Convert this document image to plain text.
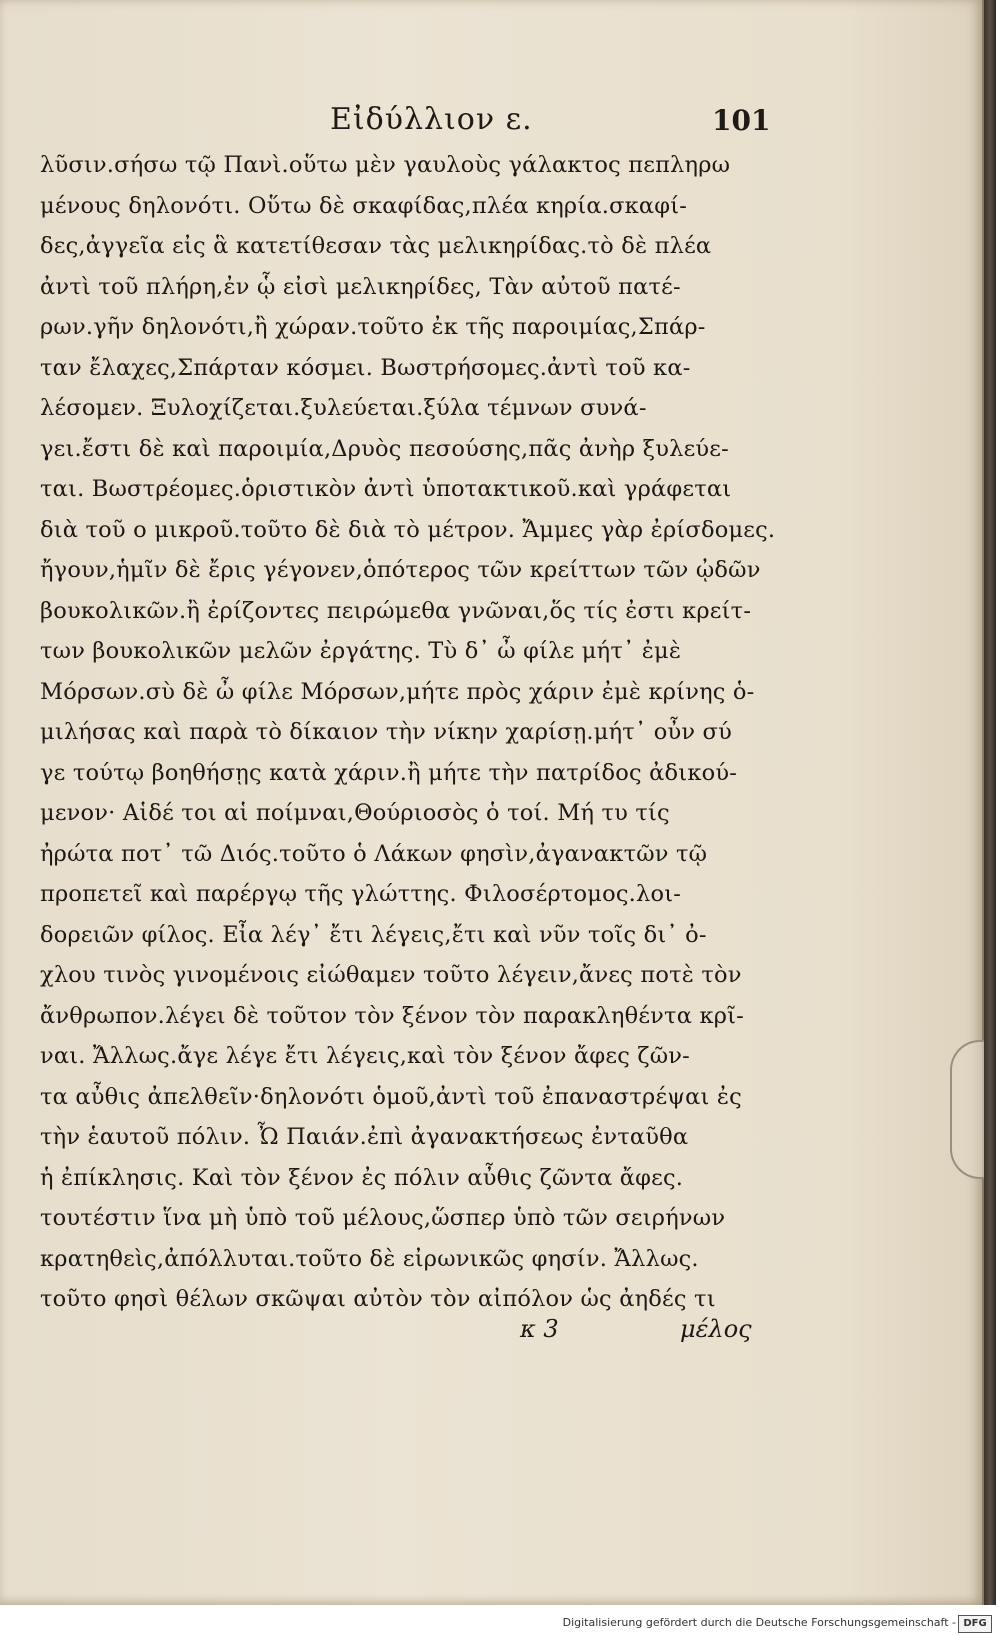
Εἰδύλλιον ε.	101
λῦσιν.σήσω τῷ Πανὶ.οὕτω μὲν γαυλοὺς γάλακτος πεπληρω
μένους δηλονότι. Οὕτω δὲ σκαφίδας,πλέα κηρία.σκαφί-
δες,ἀγγεῖα εἰς ἃ κατετίθεσαν τὰς μελικηρίδας.τὸ δὲ πλέα
ἀντὶ τοῦ πλήρη,ἐν ᾧ εἰσὶ μελικηρίδες, Τὰν αὐτοῦ πατέ-
ρων.γῆν δηλονότι,ἢ χώραν.τοῦτο ἐκ τῆς παροιμίας,Σπάρ-
ταν ἔλαχες,Σπάρταν κόσμει. Βωστρήσομες.ἀντὶ τοῦ κα-
λέσομεν. Ξυλοχίζεται.ξυλεύεται.ξύλα τέμνων συνά-
γει.ἔστι δὲ καὶ παροιμία,Δρυὸς πεσούσης,πᾶς ἀνὴρ ξυλεύε-
ται. Βωστρέομες.ὁριστικὸν ἀντὶ ὑποτακτικοῦ.καὶ γράφεται
διὰ τοῦ ο μικροῦ.τοῦτο δὲ διὰ τὸ μέτρον. Ἄμμες γὰρ ἐρίσδομες.
ἤγουν,ἡμῖν δὲ ἔρις γέγονεν,ὁπότερος τῶν κρείττων τῶν ᾠδῶν
βουκολικῶν.ἢ ἐρίζοντες πειρώμεθα γνῶναι,ὅς τίς ἐστι κρείτ-
των βουκολικῶν μελῶν ἐργάτης. Τὺ δ᾽ ὦ φίλε μήτ᾽ ἐμὲ
Μόρσων.σὺ δὲ ὦ φίλε Μόρσων,μήτε πρὸς χάριν ἐμὲ κρίνης ὁ-
μιλήσας καὶ παρὰ τὸ δίκαιον τὴν νίκην χαρίσῃ.μήτ᾽ οὖν σύ
γε τούτῳ βοηθήσῃς κατὰ χάριν.ἢ μήτε τὴν πατρίδος ἀδικού-
μενον· Αἱδέ τοι αἱ ποίμναι,Θούριοσὸς ὁ τοί. Μή τυ τίς
ἠρώτα ποτ᾽ τῶ Διός.τοῦτο ὁ Λάκων φησὶν,ἀγανακτῶν τῷ
προπετεῖ καὶ παρέργῳ τῆς γλώττης. Φιλοσέρτομος.λοι-
δορειῶν φίλος. Εἶα λέγ᾽ ἔτι λέγεις,ἔτι καὶ νῦν τοῖς δι᾽ ὀ-
χλου τινὸς γινομένοις εἰώθαμεν τοῦτο λέγειν,ἄνες ποτὲ τὸν
ἄνθρωπον.λέγει δὲ τοῦτον τὸν ξένον τὸν παρακληθέντα κρῖ-
ναι. Ἄλλως.ἄγε λέγε ἔτι λέγεις,καὶ τὸν ξένον ἄφες ζῶν-
τα αὖθις ἀπελθεῖν·δηλονότι ὁμοῦ,ἀντὶ τοῦ ἐπαναστρέψαι ἐς
τὴν ἑαυτοῦ πόλιν. Ὦ Παιάν.ἐπὶ ἀγανακτήσεως ἐνταῦθα
ἡ ἐπίκλησις. Καὶ τὸν ξένον ἐς πόλιν αὖθις ζῶντα ἄφες.
τουτέστιν ἵνα μὴ ὑπὸ τοῦ μέλους,ὥσπερ ὑπὸ τῶν σειρήνων
κρατηθεὶς,ἀπόλλυται.τοῦτο δὲ εἰρωνικῶς φησίν. Ἄλλως.
τοῦτο φησὶ θέλων σκῶψαι αὐτὸν τὸν αἰπόλον ὡς ἀηδές τι
κ 3	μέλος
Digitalisierung gefördert durch die Deutsche Forschungsgemeinschaft - DFG
